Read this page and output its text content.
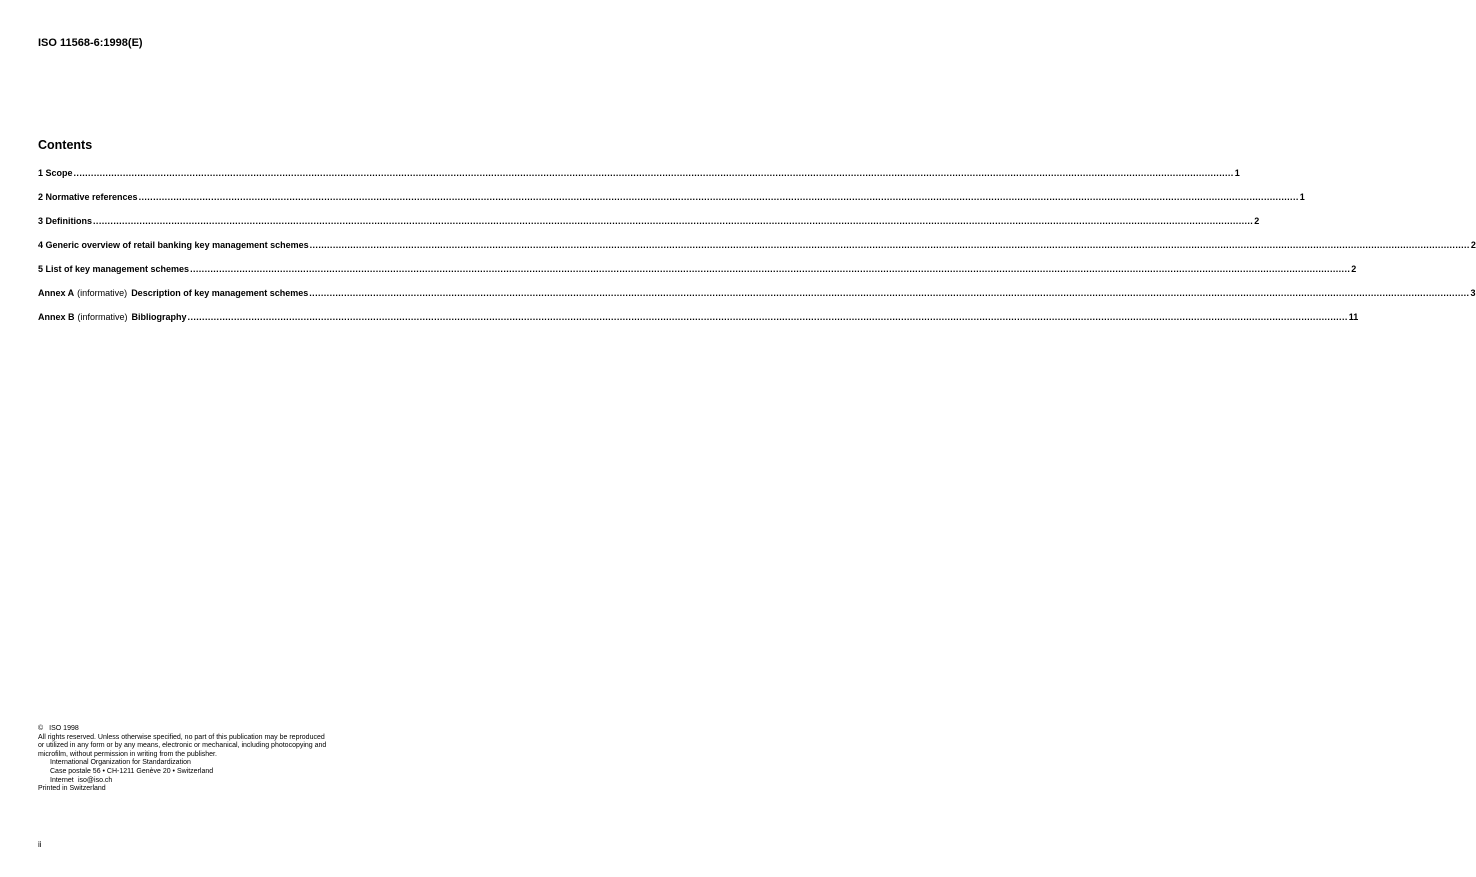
ISO 11568-6:1998(E)
Contents
1 Scope ................................................................................................................................................................................................................................................................................................................................................................................................................ 1
2 Normative references ................................................................................................................................................................................................................................................................................................................................................................................................................ 1
3 Definitions ................................................................................................................................................................................................................................................................................................................................................................................................................ 2
4 Generic overview of retail banking key management schemes ................................................................................................................................................................................................................................................................................................................................................................................................................ 2
5 List of key management schemes ................................................................................................................................................................................................................................................................................................................................................................................................................ 2
Annex A (informative) Description of key management schemes ................................................................................................................................................................................................................................................................................................................................................................................................................ 3
Annex B (informative) Bibliography ................................................................................................................................................................................................................................................................................................................................................................................................................ 11
© ISO 1998
All rights reserved. Unless otherwise specified, no part of this publication may be reproduced
or utilized in any form or by any means, electronic or mechanical, including photocopying and
microfilm, without permission in writing from the publisher.
International Organization for Standardization
Case postale 56 • CH-1211 Genève 20 • Switzerland
Internet iso@iso.ch
Printed in Switzerland
ii
